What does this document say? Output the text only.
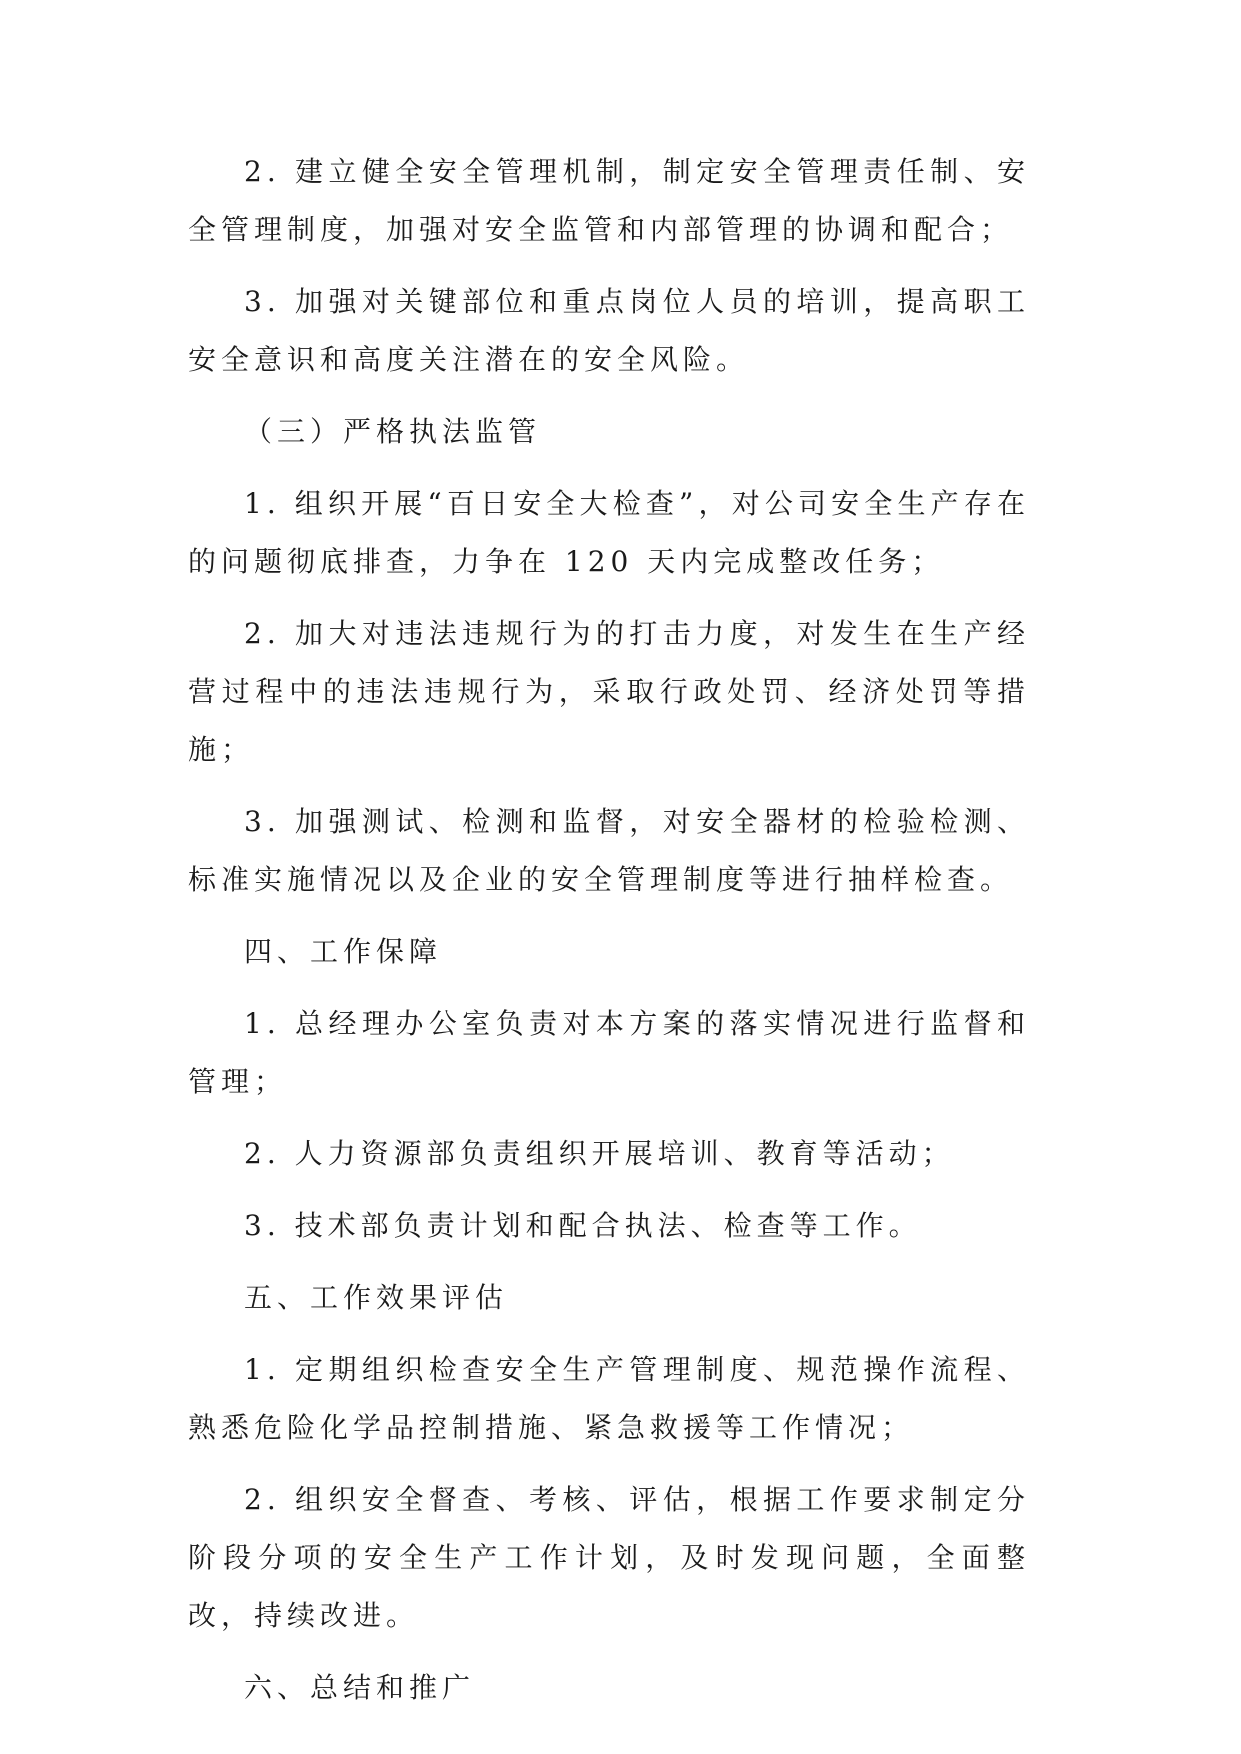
2. 建立健全安全管理机制，制定安全管理责任制、安全管理制度，加强对安全监管和内部管理的协调和配合；

3. 加强对关键部位和重点岗位人员的培训，提高职工安全意识和高度关注潜在的安全风险。

（三）严格执法监管

1. 组织开展“百日安全大检查”，对公司安全生产存在的问题彻底排查，力争在 120 天内完成整改任务；

2. 加大对违法违规行为的打击力度，对发生在生产经营过程中的违法违规行为，采取行政处罚、经济处罚等措施；

3. 加强测试、检测和监督，对安全器材的检验检测、标准实施情况以及企业的安全管理制度等进行抽样检查。

四、工作保障

1. 总经理办公室负责对本方案的落实情况进行监督和管理；

2. 人力资源部负责组织开展培训、教育等活动；

3. 技术部负责计划和配合执法、检查等工作。

五、工作效果评估

1. 定期组织检查安全生产管理制度、规范操作流程、熟悉危险化学品控制措施、紧急救援等工作情况；

2. 组织安全督查、考核、评估，根据工作要求制定分阶段分项的安全生产工作计划，及时发现问题，全面整改，持续改进。

六、总结和推广
